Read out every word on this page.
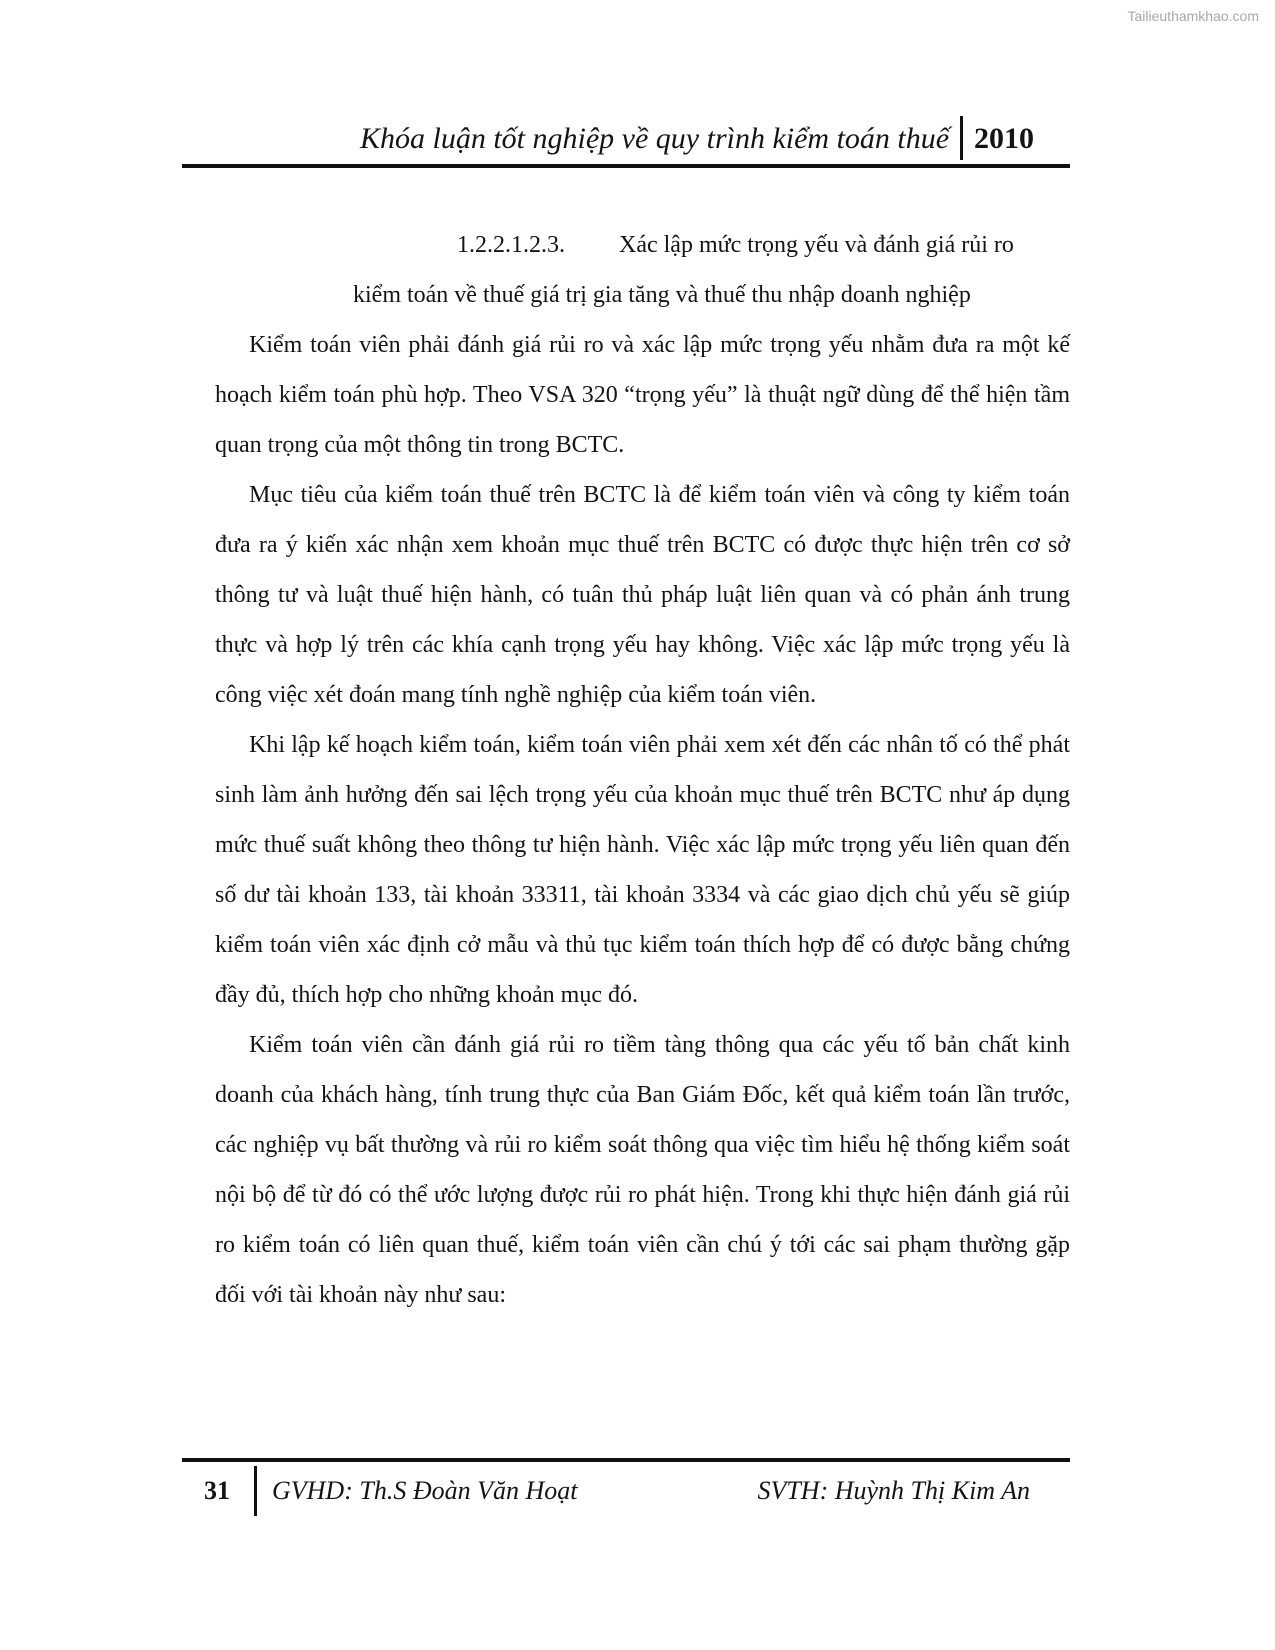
Tailieuthamkhao.com
Khóa luận tốt nghiệp về quy trình kiểm toán thuế 2010
1.2.2.1.2.3. Xác lập mức trọng yếu và đánh giá rủi ro
kiểm toán về thuế giá trị gia tăng và thuế thu nhập doanh nghiệp

Kiểm toán viên phải đánh giá rủi ro và xác lập mức trọng yếu nhằm đưa ra một kế hoạch kiểm toán phù hợp. Theo VSA 320 “trọng yếu” là thuật ngữ dùng để thể hiện tầm quan trọng của một thông tin trong BCTC.

Mục tiêu của kiểm toán thuế trên BCTC là để kiểm toán viên và công ty kiểm toán đưa ra ý kiến xác nhận xem khoản mục thuế trên BCTC có được thực hiện trên cơ sở thông tư và luật thuế hiện hành, có tuân thủ pháp luật liên quan và có phản ánh trung thực và hợp lý trên các khía cạnh trọng yếu hay không. Việc xác lập mức trọng yếu là công việc xét đoán mang tính nghề nghiệp của kiểm toán viên.

Khi lập kế hoạch kiểm toán, kiểm toán viên phải xem xét đến các nhân tố có thể phát sinh làm ảnh hưởng đến sai lệch trọng yếu của khoản mục thuế trên BCTC như áp dụng mức thuế suất không theo thông tư hiện hành. Việc xác lập mức trọng yếu liên quan đến số dư tài khoản 133, tài khoản 33311, tài khoản 3334 và các giao dịch chủ yếu sẽ giúp kiểm toán viên xác định cở mẫu và thủ tục kiểm toán thích hợp để có được bằng chứng đầy đủ, thích hợp cho những khoản mục đó.

Kiểm toán viên cần đánh giá rủi ro tiềm tàng thông qua các yếu tố bản chất kinh doanh của khách hàng, tính trung thực của Ban Giám Đốc, kết quả kiểm toán lần trước, các nghiệp vụ bất thường và rủi ro kiểm soát thông qua việc tìm hiểu hệ thống kiểm soát nội bộ để từ đó có thể ước lượng được rủi ro phát hiện. Trong khi thực hiện đánh giá rủi ro kiểm toán có liên quan thuế, kiểm toán viên cần chú ý tới các sai phạm thường gặp đối với tài khoản này như sau:

31 GVHD: Th.S Đoàn Văn Hoạt	SVTH: Huỳnh Thị Kim An
